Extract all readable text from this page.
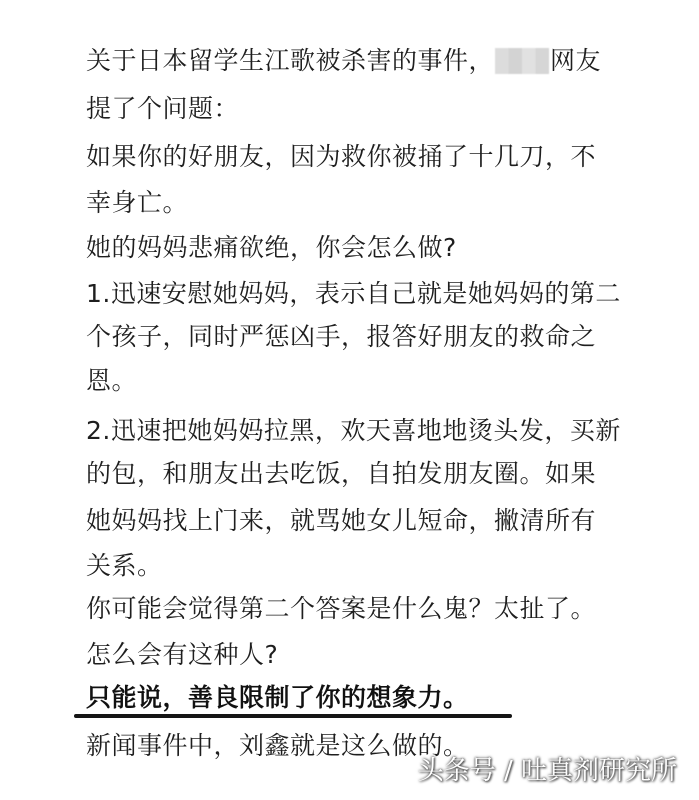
关于日本留学生江歌被杀害的事件， 网友
提了个问题：
如果你的好朋友，因为救你被捅了十几刀，不
幸身亡。
她的妈妈悲痛欲绝，你会怎么做?
1.迅速安慰她妈妈，表示自己就是她妈妈的第二
个孩子，同时严惩凶手，报答好朋友的救命之
恩。
2.迅速把她妈妈拉黑，欢天喜地地烫头发，买新
的包，和朋友出去吃饭，自拍发朋友圈。如果
她妈妈找上门来，就骂她女儿短命，撇清所有
关系。
你可能会觉得第二个答案是什么鬼？太扯了。
怎么会有这种人?
只能说，善良限制了你的想象力。
新闻事件中，刘鑫就是这么做的。
头条号 / 吐真剂研究所
